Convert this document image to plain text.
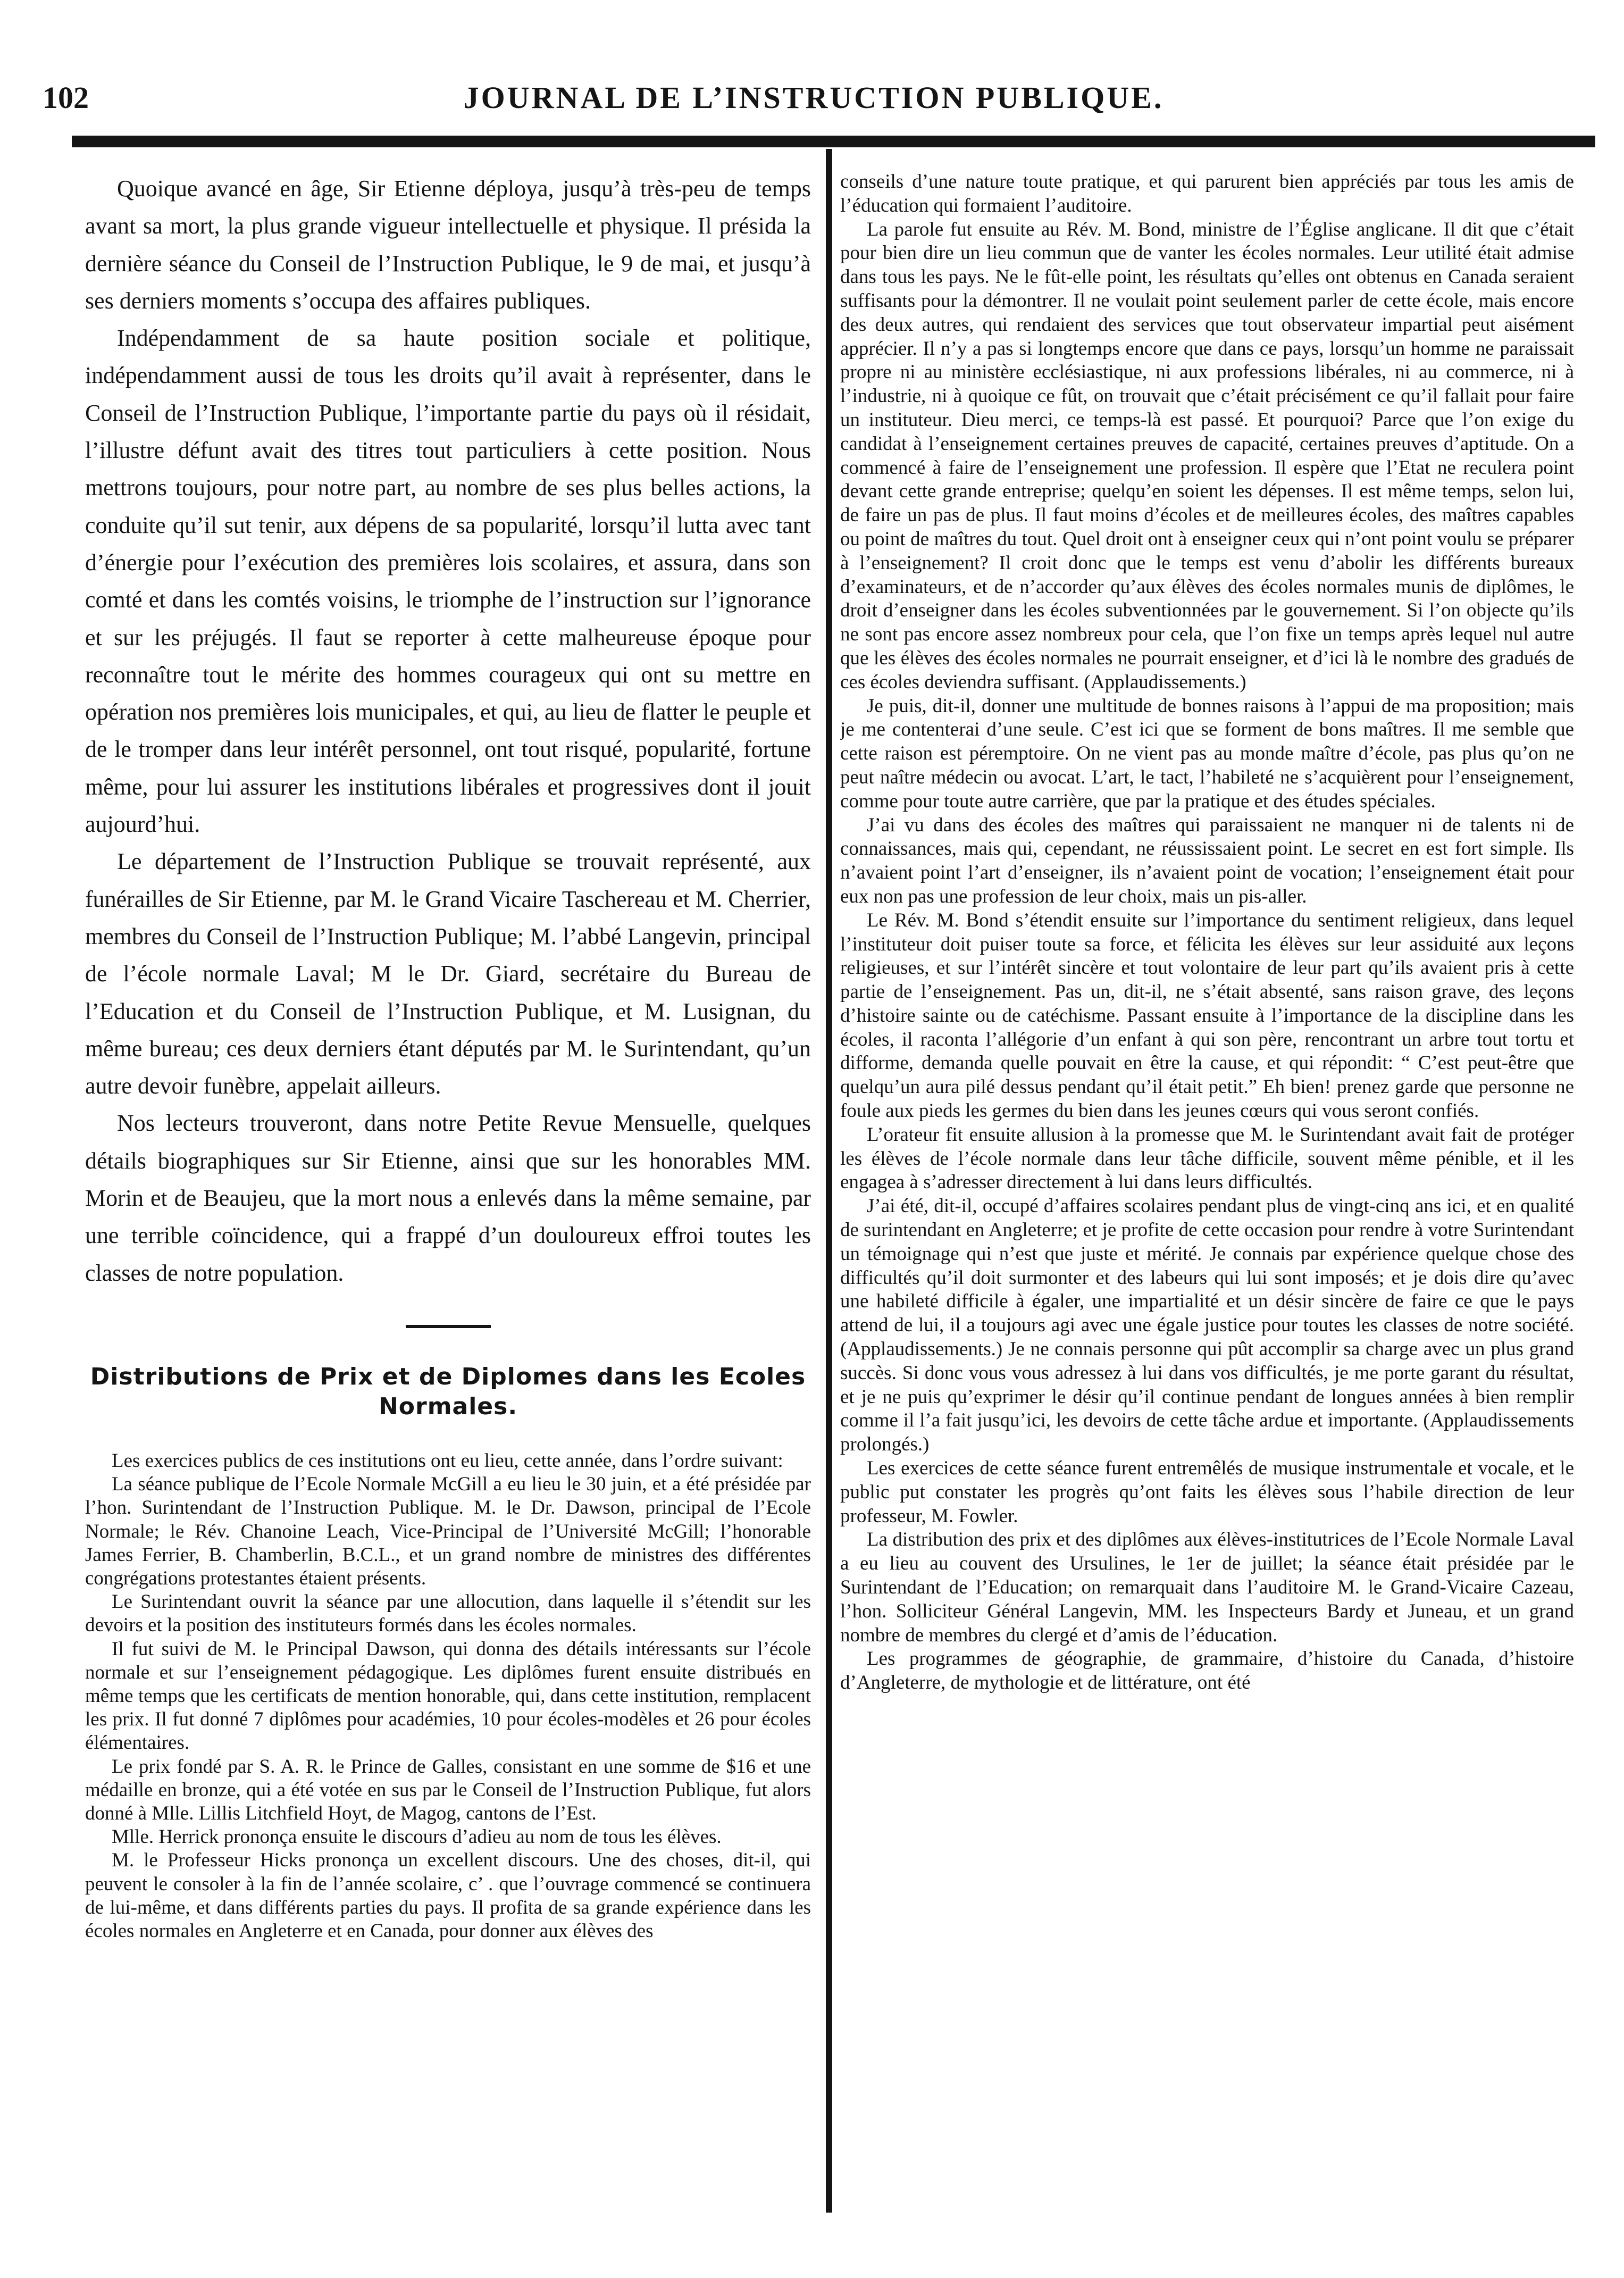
102	JOURNAL DE L’INSTRUCTION PUBLIQUE.

Quoique avancé en âge, Sir Etienne déploya, jusqu’à très-peu de temps avant sa mort, la plus grande vigueur intellectuelle et physique. Il présida la dernière séance du Conseil de l’Instruction Publique, le 9 de mai, et jusqu’à ses derniers moments s’occupa des affaires publiques.

Indépendamment de sa haute position sociale et politique, indépendamment aussi de tous les droits qu’il avait à représenter, dans le Conseil de l’Instruction Publique, l’importante partie du pays où il résidait, l’illustre défunt avait des titres tout particuliers à cette position. Nous mettrons toujours, pour notre part, au nombre de ses plus belles actions, la conduite qu’il sut tenir, aux dépens de sa popularité, lorsqu’il lutta avec tant d’énergie pour l’exécution des premières lois scolaires, et assura, dans son comté et dans les comtés voisins, le triomphe de l’instruction sur l’ignorance et sur les préjugés. Il faut se reporter à cette malheureuse époque pour reconnaître tout le mérite des hommes courageux qui ont su mettre en opération nos premières lois municipales, et qui, au lieu de flatter le peuple et de le tromper dans leur intérêt personnel, ont tout risqué, popularité, fortune même, pour lui assurer les institutions libérales et progressives dont il jouit aujourd’hui.

Le département de l’Instruction Publique se trouvait représenté, aux funérailles de Sir Etienne, par M. le Grand Vicaire Taschereau et M. Cherrier, membres du Conseil de l’Instruction Publique; M. l’abbé Langevin, principal de l’école normale Laval; M le Dr. Giard, secrétaire du Bureau de l’Education et du Conseil de l’Instruction Publique, et M. Lusignan, du même bureau; ces deux derniers étant députés par M. le Surintendant, qu’un autre devoir funèbre, appelait ailleurs.

Nos lecteurs trouveront, dans notre Petite Revue Mensuelle, quelques détails biographiques sur Sir Etienne, ainsi que sur les honorables MM. Morin et de Beaujeu, que la mort nous a enlevés dans la même semaine, par une terrible coïncidence, qui a frappé d’un douloureux effroi toutes les classes de notre population.

Distributions de Prix et de Diplomes dans les Ecoles Normales.

Les exercices publics de ces institutions ont eu lieu, cette année, dans l’ordre suivant:

La séance publique de l’Ecole Normale McGill a eu lieu le 30 juin, et a été présidée par l’hon. Surintendant de l’Instruction Publique. M. le Dr. Dawson, principal de l’Ecole Normale; le Rév. Chanoine Leach, Vice-Principal de l’Université McGill; l’honorable James Ferrier, B. Chamberlin, B.C.L., et un grand nombre de ministres des différentes congrégations protestantes étaient présents.

Le Surintendant ouvrit la séance par une allocution, dans laquelle il s’étendit sur les devoirs et la position des instituteurs formés dans les écoles normales.

Il fut suivi de M. le Principal Dawson, qui donna des détails intéressants sur l’école normale et sur l’enseignement pédagogique. Les diplômes furent ensuite distribués en même temps que les certificats de mention honorable, qui, dans cette institution, remplacent les prix. Il fut donné 7 diplômes pour académies, 10 pour écoles-modèles et 26 pour écoles élémentaires.

Le prix fondé par S. A. R. le Prince de Galles, consistant en une somme de $16 et une médaille en bronze, qui a été votée en sus par le Conseil de l’Instruction Publique, fut alors donné à Mlle. Lillis Litchfield Hoyt, de Magog, cantons de l’Est.

Mlle. Herrick prononça ensuite le discours d’adieu au nom de tous les élèves.

M. le Professeur Hicks prononça un excellent discours. Une des choses, dit-il, qui peuvent le consoler à la fin de l’année scolaire, c’ . que l’ouvrage commencé se continuera de lui-même, et dans différents parties du pays. Il profita de sa grande expérience dans les écoles normales en Angleterre et en Canada, pour donner aux élèves des

conseils d’une nature toute pratique, et qui parurent bien appréciés par tous les amis de l’éducation qui formaient l’auditoire.

La parole fut ensuite au Rév. M. Bond, ministre de l’Église anglicane. Il dit que c’était pour bien dire un lieu commun que de vanter les écoles normales. Leur utilité était admise dans tous les pays. Ne le fût-elle point, les résultats qu’elles ont obtenus en Canada seraient suffisants pour la démontrer. Il ne voulait point seulement parler de cette école, mais encore des deux autres, qui rendaient des services que tout observateur impartial peut aisément apprécier. Il n’y a pas si longtemps encore que dans ce pays, lorsqu’un homme ne paraissait propre ni au ministère ecclésiastique, ni aux professions libérales, ni au commerce, ni à l’industrie, ni à quoique ce fût, on trouvait que c’était précisément ce qu’il fallait pour faire un instituteur. Dieu merci, ce temps-là est passé. Et pourquoi? Parce que l’on exige du candidat à l’enseignement certaines preuves de capacité, certaines preuves d’aptitude. On a commencé à faire de l’enseignement une profession. Il espère que l’Etat ne reculera point devant cette grande entreprise; quelqu’en soient les dépenses. Il est même temps, selon lui, de faire un pas de plus. Il faut moins d’écoles et de meilleures écoles, des maîtres capables ou point de maîtres du tout. Quel droit ont à enseigner ceux qui n’ont point voulu se préparer à l’enseignement? Il croit donc que le temps est venu d’abolir les différents bureaux d’examinateurs, et de n’accorder qu’aux élèves des écoles normales munis de diplômes, le droit d’enseigner dans les écoles subventionnées par le gouvernement. Si l’on objecte qu’ils ne sont pas encore assez nombreux pour cela, que l’on fixe un temps après lequel nul autre que les élèves des écoles normales ne pourrait enseigner, et d’ici là le nombre des gradués de ces écoles deviendra suffisant. (Applaudissements.)

Je puis, dit-il, donner une multitude de bonnes raisons à l’appui de ma proposition; mais je me contenterai d’une seule. C’est ici que se forment de bons maîtres. Il me semble que cette raison est péremptoire. On ne vient pas au monde maître d’école, pas plus qu’on ne peut naître médecin ou avocat. L’art, le tact, l’habileté ne s’acquièrent pour l’enseignement, comme pour toute autre carrière, que par la pratique et des études spéciales.

J’ai vu dans des écoles des maîtres qui paraissaient ne manquer ni de talents ni de connaissances, mais qui, cependant, ne réussissaient point. Le secret en est fort simple. Ils n’avaient point l’art d’enseigner, ils n’avaient point de vocation; l’enseignement était pour eux non pas une profession de leur choix, mais un pis-aller.

Le Rév. M. Bond s’étendit ensuite sur l’importance du sentiment religieux, dans lequel l’instituteur doit puiser toute sa force, et félicita les élèves sur leur assiduité aux leçons religieuses, et sur l’intérêt sincère et tout volontaire de leur part qu’ils avaient pris à cette partie de l’enseignement. Pas un, dit-il, ne s’était absenté, sans raison grave, des leçons d’histoire sainte ou de catéchisme. Passant ensuite à l’importance de la discipline dans les écoles, il raconta l’allégorie d’un enfant à qui son père, rencontrant un arbre tout tortu et difforme, demanda quelle pouvait en être la cause, et qui répondit: “ C’est peut-être que quelqu’un aura pilé dessus pendant qu’il était petit.” Eh bien! prenez garde que personne ne foule aux pieds les germes du bien dans les jeunes cœurs qui vous seront confiés.

L’orateur fit ensuite allusion à la promesse que M. le Surintendant avait fait de protéger les élèves de l’école normale dans leur tâche difficile, souvent même pénible, et il les engagea à s’adresser directement à lui dans leurs difficultés.

J’ai été, dit-il, occupé d’affaires scolaires pendant plus de vingt-cinq ans ici, et en qualité de surintendant en Angleterre; et je profite de cette occasion pour rendre à votre Surintendant un témoignage qui n’est que juste et mérité. Je connais par expérience quelque chose des difficultés qu’il doit surmonter et des labeurs qui lui sont imposés; et je dois dire qu’avec une habileté difficile à égaler, une impartialité et un désir sincère de faire ce que le pays attend de lui, il a toujours agi avec une égale justice pour toutes les classes de notre société. (Applaudissements.) Je ne connais personne qui pût accomplir sa charge avec un plus grand succès. Si donc vous vous adressez à lui dans vos difficultés, je me porte garant du résultat, et je ne puis qu’exprimer le désir qu’il continue pendant de longues années à bien remplir comme il l’a fait jusqu’ici, les devoirs de cette tâche ardue et importante. (Applaudissements prolongés.)

Les exercices de cette séance furent entremêlés de musique instrumentale et vocale, et le public put constater les progrès qu’ont faits les élèves sous l’habile direction de leur professeur, M. Fowler.

La distribution des prix et des diplômes aux élèves-institutrices de l’Ecole Normale Laval a eu lieu au couvent des Ursulines, le 1er de juillet; la séance était présidée par le Surintendant de l’Education; on remarquait dans l’auditoire M. le Grand-Vicaire Cazeau, l’hon. Solliciteur Général Langevin, MM. les Inspecteurs Bardy et Juneau, et un grand nombre de membres du clergé et d’amis de l’éducation.

Les programmes de géographie, de grammaire, d’histoire du Canada, d’histoire d’Angleterre, de mythologie et de littérature, ont été
